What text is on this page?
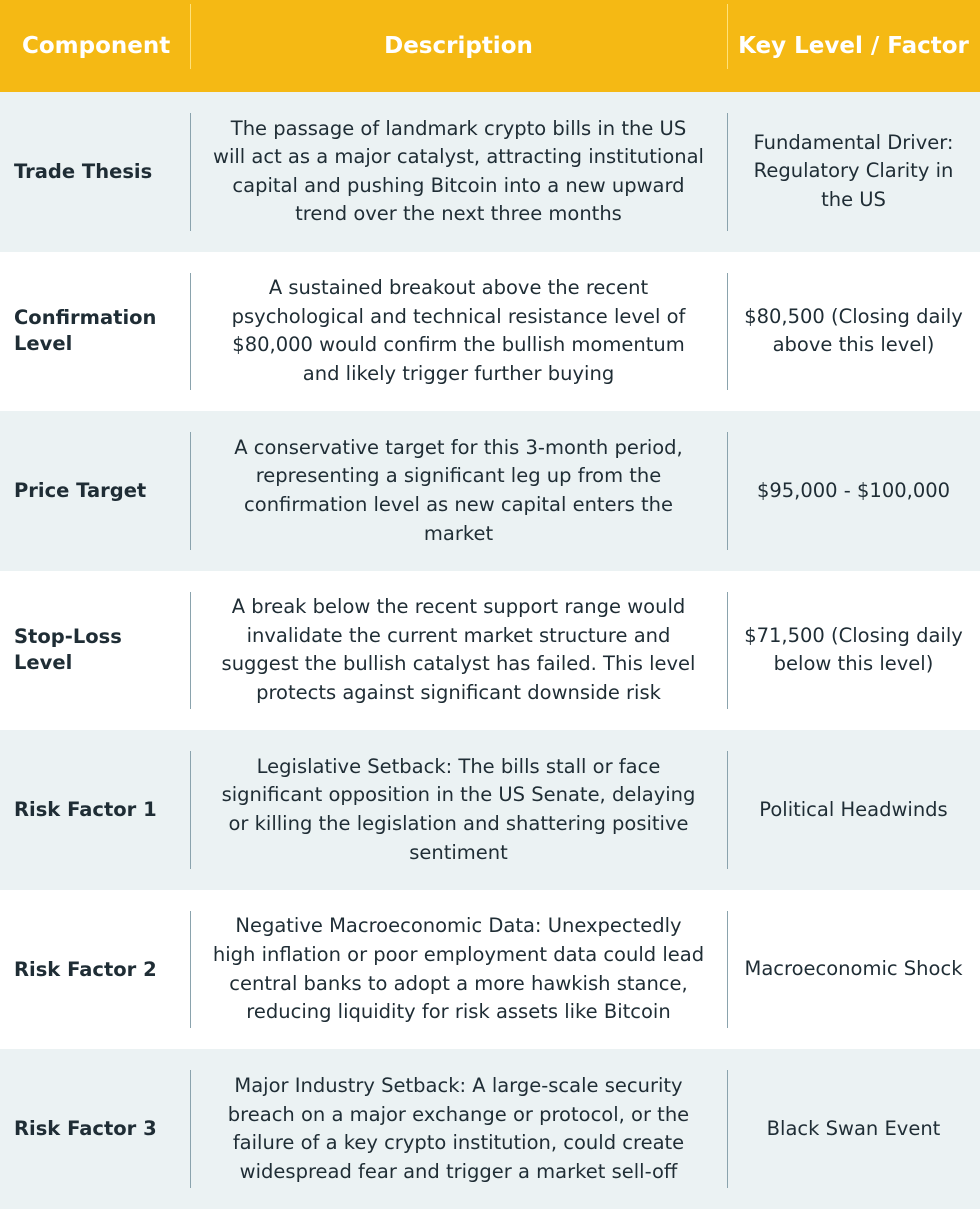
Component	Description	Key Level / Factor
Trade Thesis
The passage of landmark crypto bills in the US will act as a major catalyst, attracting institutional capital and pushing Bitcoin into a new upward trend over the next three months
Fundamental Driver: Regulatory Clarity in the US
Confirmation Level
A sustained breakout above the recent psychological and technical resistance level of $80,000 would confirm the bullish momentum and likely trigger further buying
$80,500 (Closing daily above this level)
Price Target
A conservative target for this 3-month period, representing a significant leg up from the confirmation level as new capital enters the market
$95,000 - $100,000
Stop-Loss Level
A break below the recent support range would invalidate the current market structure and suggest the bullish catalyst has failed. This level protects against significant downside risk
$71,500 (Closing daily below this level)
Risk Factor 1
Legislative Setback: The bills stall or face significant opposition in the US Senate, delaying or killing the legislation and shattering positive sentiment
Political Headwinds
Risk Factor 2
Negative Macroeconomic Data: Unexpectedly high inflation or poor employment data could lead central banks to adopt a more hawkish stance, reducing liquidity for risk assets like Bitcoin
Macroeconomic Shock
Risk Factor 3
Major Industry Setback: A large-scale security breach on a major exchange or protocol, or the failure of a key crypto institution, could create widespread fear and trigger a market sell-off
Black Swan Event
